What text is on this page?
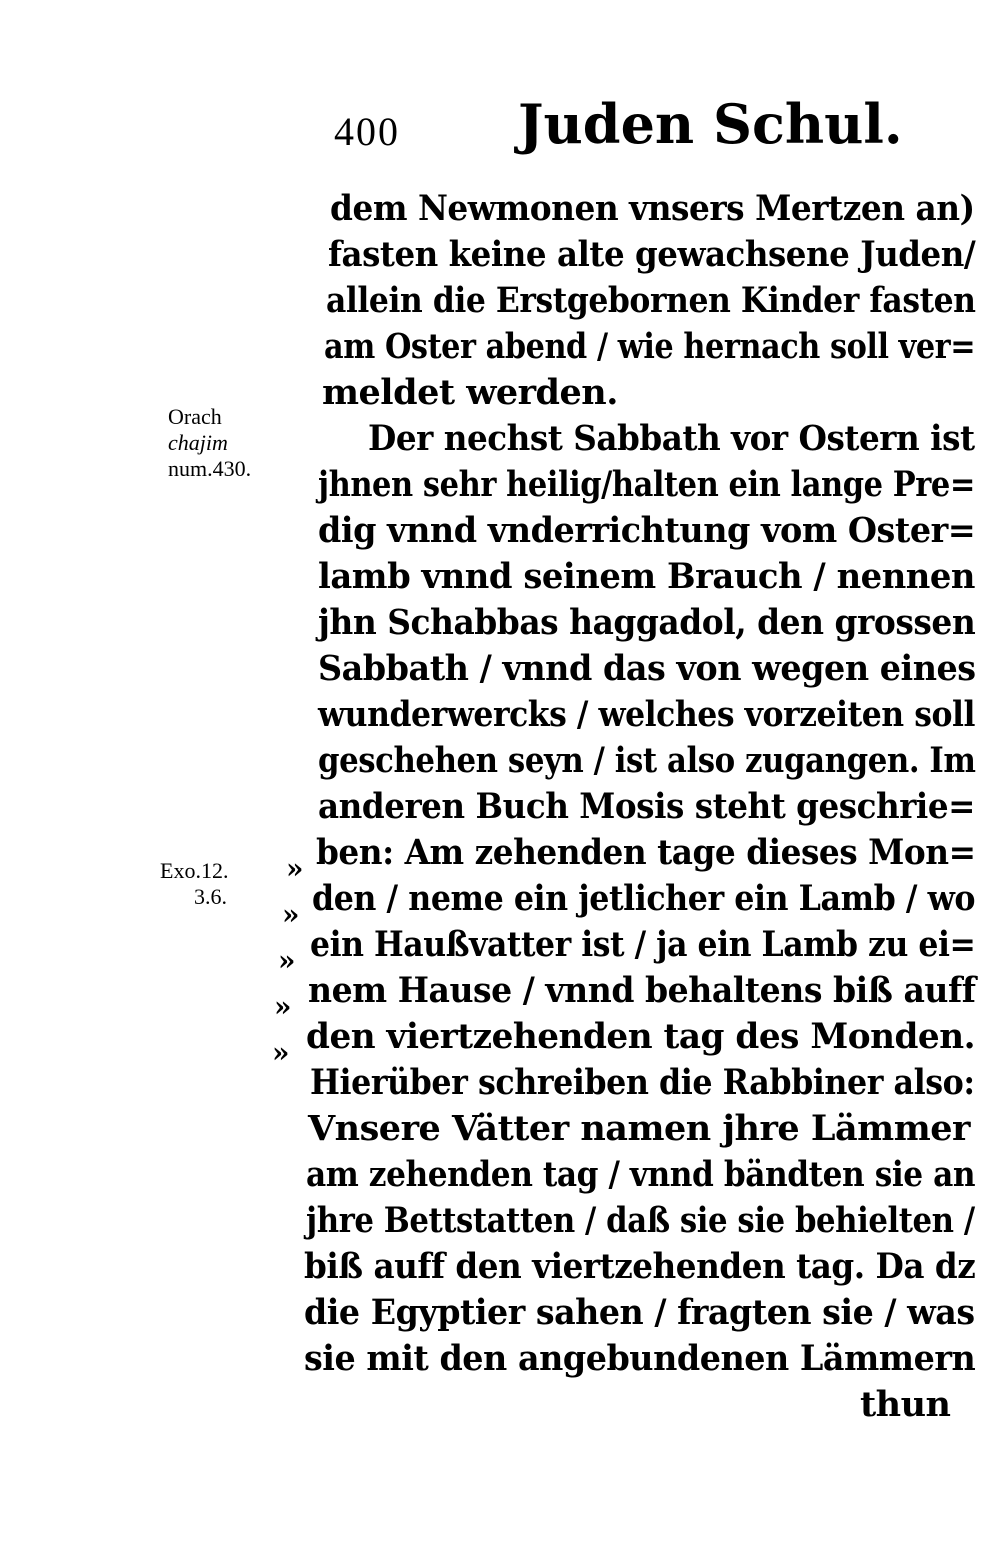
400 Juden Schul.
Orach
chajim
num.430.
Exo.12.
3.6.
»
»
»
»
»
dem Newmonen vnsers Mertzen an)
fasten keine alte gewachsene Juden/
allein die Erstgebornen Kinder fasten
am Oster abend / wie hernach soll ver=
meldet werden.
Der nechst Sabbath vor Ostern ist
jhnen sehr heilig/halten ein lange Pre=
dig vnnd vnderrichtung vom Oster=
lamb vnnd seinem Brauch / nennen
jhn Schabbas haggadol, den grossen
Sabbath / vnnd das von wegen eines
wunderwercks / welches vorzeiten soll
geschehen seyn / ist also zugangen. Im
anderen Buch Mosis steht geschrie=
ben: Am zehenden tage dieses Mon=
den / neme ein jetlicher ein Lamb / wo
ein Haußvatter ist / ja ein Lamb zu ei=
nem Hause / vnnd behaltens biß auff
den viertzehenden tag des Monden.
Hierüber schreiben die Rabbiner also:
Vnsere Vätter namen jhre Lämmer
am zehenden tag / vnnd bändten sie an
jhre Bettstatten / daß sie sie behielten /
biß auff den viertzehenden tag. Da dz
die Egyptier sahen / fragten sie / was
sie mit den angebundenen Lämmern
thun
